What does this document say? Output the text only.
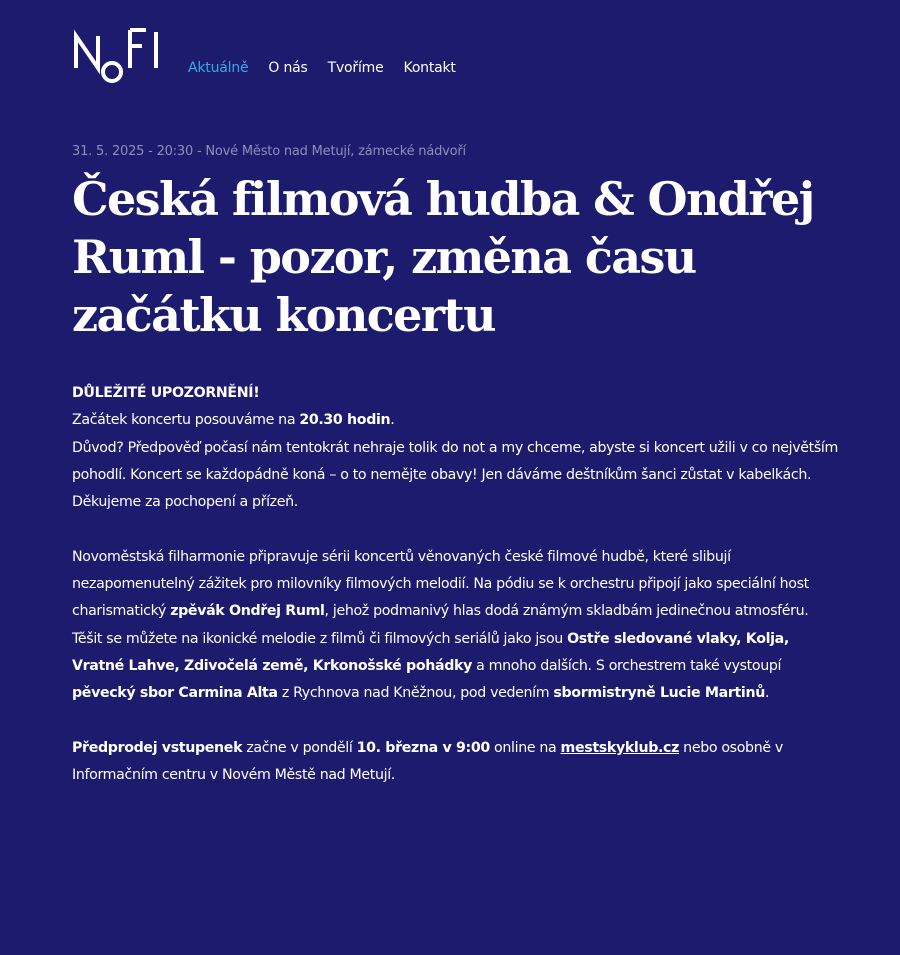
Aktuálně O nás Tvoříme Kontakt
31. 5. 2025 - 20:30 - Nové Město nad Metují, zámecké nádvoří
Česká filmová hudba & Ondřej Ruml - pozor, změna času začátku koncertu

DŮLEŽITÉ UPOZORNĚNÍ!
Začátek koncertu posouváme na 20.30 hodin.
Důvod? Předpověď počasí nám tentokrát nehraje tolik do not a my chceme, abyste si koncert užili v co největším pohodlí. Koncert se každopádně koná – o to nemějte obavy! Jen dáváme deštníkům šanci zůstat v kabelkách.
Děkujeme za pochopení a přízeň.

Novoměstská filharmonie připravuje sérii koncertů věnovaných české filmové hudbě, které slibují nezapomenutelný zážitek pro milovníky filmových melodií. Na pódiu se k orchestru připojí jako speciální host charismatický zpěvák Ondřej Ruml, jehož podmanivý hlas dodá známým skladbám jedinečnou atmosféru. Těšit se můžete na ikonické melodie z filmů či filmových seriálů jako jsou Ostře sledované vlaky, Kolja, Vratné Lahve, Zdivočelá země, Krkonošské pohádky a mnoho dalších. S orchestrem také vystoupí pěvecký sbor Carmina Alta z Rychnova nad Kněžnou, pod vedením sbormistryně Lucie Martinů.

Předprodej vstupenek začne v pondělí 10. března v 9:00 online na mestskyklub.cz nebo osobně v Informačním centru v Novém Městě nad Metují.
